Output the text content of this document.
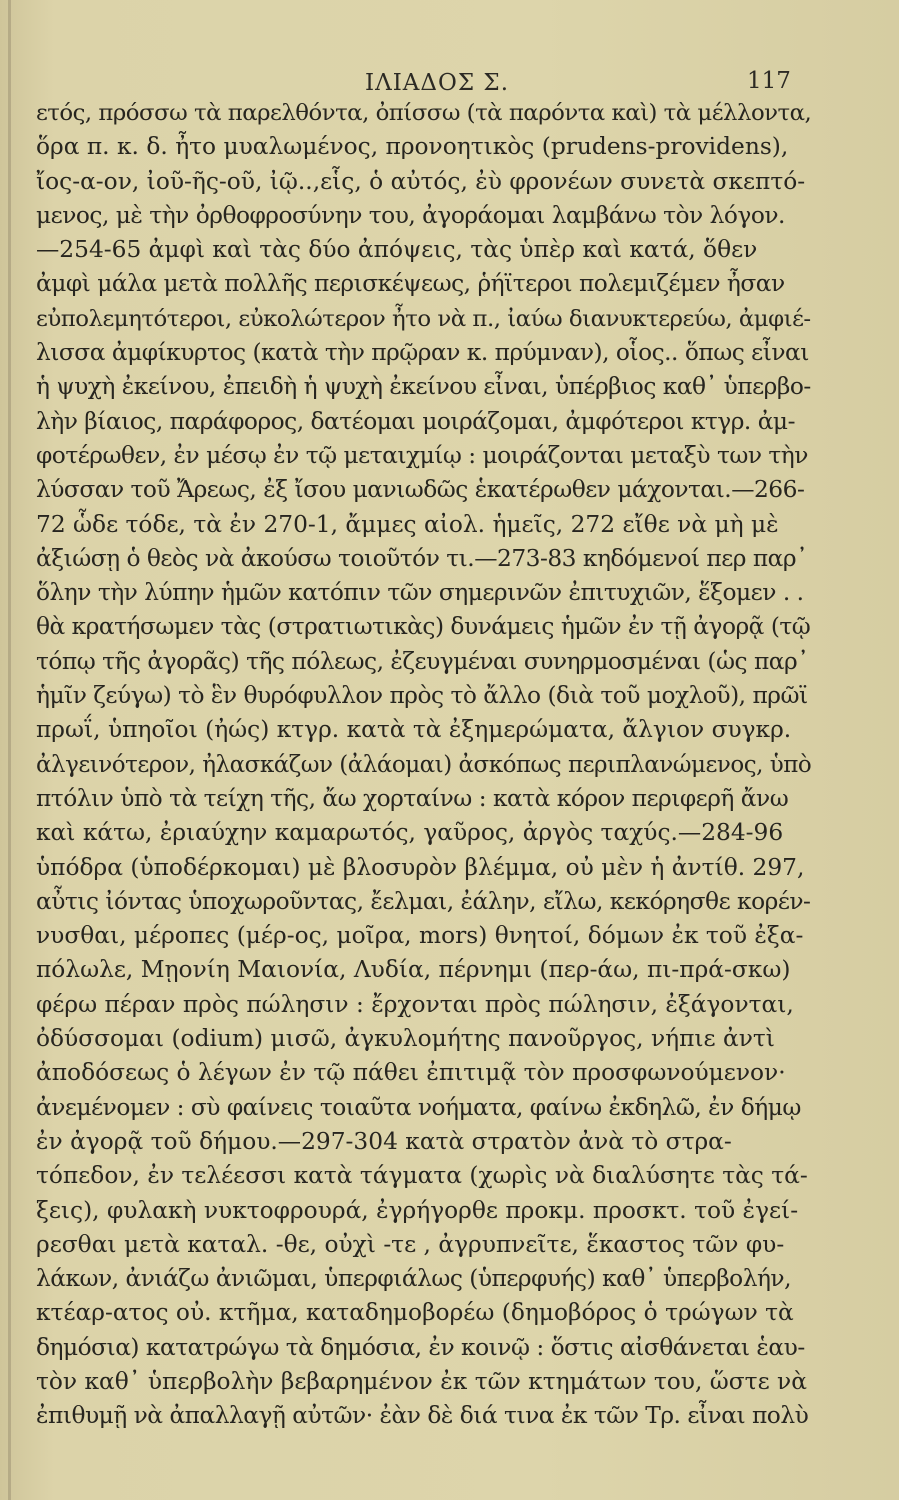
ΙΛΙΑΔΟΣ Σ.	117
ετός, πρόσσω τὰ παρελθόντα, ὀπίσσω (τὰ παρόντα καὶ) τὰ μέλλοντα,
ὅρα π. κ. δ. ἦτο μυαλωμένος, προνοητικὸς (prudens-providens),
ἴος-α-ον, ἰοῦ-ῆς-οῦ, ἰῷ..,εἷς, ὁ αὐτός, ἐὺ φρονέων συνετὰ σκεπτό-
μενος, μὲ τὴν ὀρθοφροσύνην του, ἀγοράομαι λαμβάνω τὸν λόγον.
—254-65 ἀμφὶ καὶ τὰς δύο ἀπόψεις, τὰς ὑπὲρ καὶ κατά, ὅθεν
ἀμφὶ μάλα μετὰ πολλῆς περισκέψεως, ῥήϊτεροι πολεμιζέμεν ἦσαν
εὐπολεμητότεροι, εὐκολώτερον ἦτο νὰ π., ἰαύω διανυκτερεύω, ἀμφιέ-
λισσα ἀμφίκυρτος (κατὰ τὴν πρῷραν κ. πρύμναν), οἷος.. ὅπως εἶναι
ἡ ψυχὴ ἐκείνου, ἐπειδὴ ἡ ψυχὴ ἐκείνου εἶναι, ὑπέρβιος καθ᾽ ὑπερβο-
λὴν βίαιος, παράφορος, δατέομαι μοιράζομαι, ἀμφότεροι κτγρ. ἀμ-
φοτέρωθεν, ἐν μέσῳ ἐν τῷ μεταιχμίῳ : μοιράζονται μεταξὺ των τὴν
λύσσαν τοῦ Ἄρεως, ἐξ ἴσου μανιωδῶς ἑκατέρωθεν μάχονται.—266-
72 ὧδε τόδε, τὰ ἐν 270-1, ἄμμες αἰολ. ἡμεῖς, 272 εἴθε νὰ μὴ μὲ
ἀξιώσῃ ὁ θεὸς νὰ ἀκούσω τοιοῦτόν τι.—273-83 κηδόμενοί περ παρ᾽
ὅλην τὴν λύπην ἡμῶν κατόπιν τῶν σημερινῶν ἐπιτυχιῶν, ἕξομεν . .
θὰ κρατήσωμεν τὰς (στρατιωτικὰς) δυνάμεις ἡμῶν ἐν τῇ ἀγορᾷ (τῷ
τόπῳ τῆς ἀγορᾶς) τῆς πόλεως, ἐζευγμέναι συνηρμοσμέναι (ὡς παρ᾽
ἡμῖν ζεύγω) τὸ ἓν θυρόφυλλον πρὸς τὸ ἄλλο (διὰ τοῦ μοχλοῦ), πρῶϊ
πρωΐ, ὑπηοῖοι (ἠώς) κτγρ. κατὰ τὰ ἐξημερώματα, ἄλγιον συγκρ.
ἀλγεινότερον, ἠλασκάζων (ἀλάομαι) ἀσκόπως περιπλανώμενος, ὑπὸ
πτόλιν ὑπὸ τὰ τείχη τῆς, ἄω χορταίνω : κατὰ κόρον περιφερῆ ἄνω
καὶ κάτω, ἐριαύχην καμαρωτός, γαῦρος, ἀργὸς ταχύς.—284-96
ὑπόδρα (ὑποδέρκομαι) μὲ βλοσυρὸν βλέμμα, οὐ μὲν ἡ ἀντίθ. 297,
αὖτις ἰόντας ὑποχωροῦντας, ἔελμαι, ἐάλην, εἴλω, κεκόρησθε κορέν-
νυσθαι, μέροπες (μέρ-ος, μοῖρα, mors) θνητοί, δόμων ἐκ τοῦ ἐξα-
πόλωλε, Μῃονίη Μαιονία, Λυδία, πέρνημι (περ-άω, πι-πρά-σκω)
φέρω πέραν πρὸς πώλησιν : ἔρχονται πρὸς πώλησιν, ἐξάγονται,
ὀδύσσομαι (odium) μισῶ, ἀγκυλομήτης πανοῦργος, νήπιε ἀντὶ
ἀποδόσεως ὁ λέγων ἐν τῷ πάθει ἐπιτιμᾷ τὸν προσφωνούμενον·
ἀνεμένομεν : σὺ φαίνεις τοιαῦτα νοήματα, φαίνω ἐκδηλῶ, ἐν δήμῳ
ἐν ἀγορᾷ τοῦ δήμου.—297-304 κατὰ στρατὸν ἀνὰ τὸ στρα-
τόπεδον, ἐν τελέεσσι κατὰ τάγματα (χωρὶς νὰ διαλύσητε τὰς τά-
ξεις), φυλακὴ νυκτοφρουρά, ἐγρήγορθε προκμ. προσκτ. τοῦ ἐγεί-
ρεσθαι μετὰ καταλ. -θε, οὐχὶ -τε , ἀγρυπνεῖτε, ἕκαστος τῶν φυ-
λάκων, ἀνιάζω ἀνιῶμαι, ὑπερφιάλως (ὑπερφυής) καθ᾽ ὑπερβολήν,
κτέαρ-ατος οὐ. κτῆμα, καταδημοβορέω (δημοβόρος ὁ τρώγων τὰ
δημόσια) κατατρώγω τὰ δημόσια, ἐν κοινῷ : ὅστις αἰσθάνεται ἑαυ-
τὸν καθ᾽ ὑπερβολὴν βεβαρημένον ἐκ τῶν κτημάτων του, ὥστε νὰ
ἐπιθυμῇ νὰ ἀπαλλαγῇ αὐτῶν· ἐὰν δὲ διά τινα ἐκ τῶν Τρ. εἶναι πολὺ
